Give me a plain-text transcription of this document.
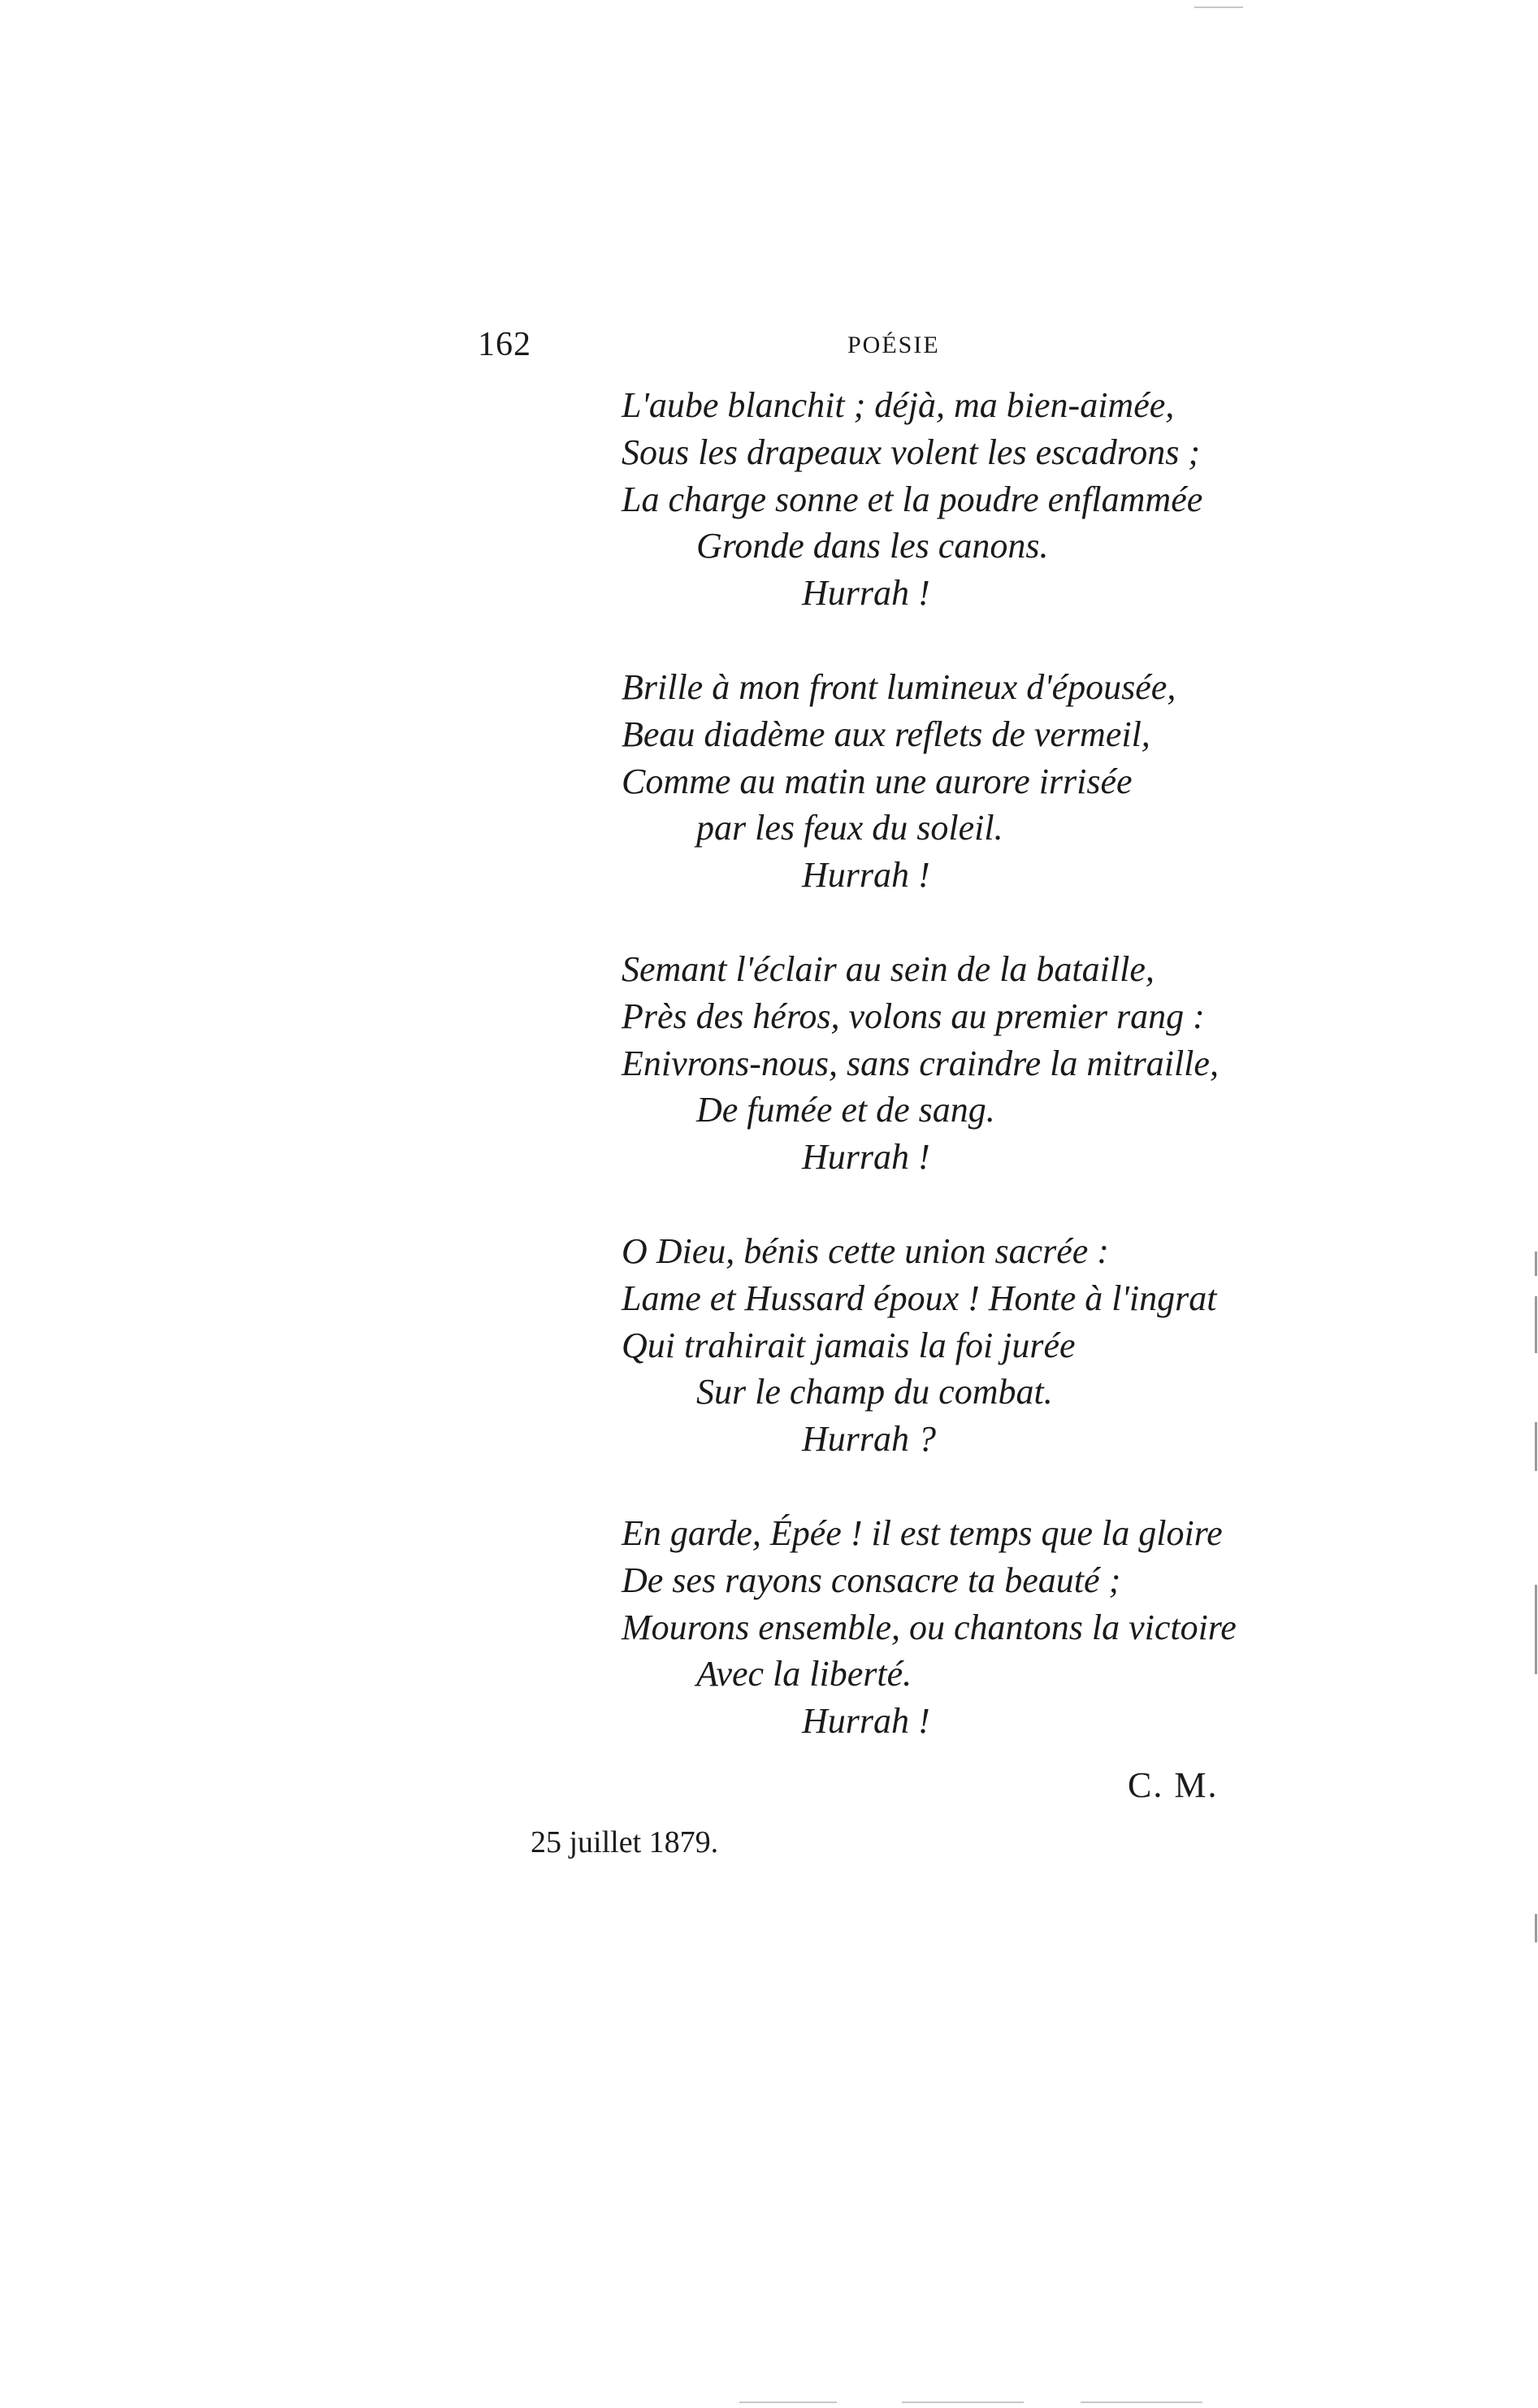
162	POÉSIE

L'aube blanchit ; déjà, ma bien-aimée,

Sous les drapeaux volent les escadrons ;

La charge sonne et la poudre enflammée

Gronde dans les canons.

Hurrah !

Brille à mon front lumineux d'épousée,

Beau diadème aux reflets de vermeil,

Comme au matin une aurore irrisée

par les feux du soleil.

Hurrah !

Semant l'éclair au sein de la bataille,

Près des héros, volons au premier rang :

Enivrons-nous, sans craindre la mitraille,

De fumée et de sang.

Hurrah !

O Dieu, bénis cette union sacrée :

Lame et Hussard époux ! Honte à l'ingrat

Qui trahirait jamais la foi jurée

Sur le champ du combat.

Hurrah ?

En garde, Épée ! il est temps que la gloire

De ses rayons consacre ta beauté ;

Mourons ensemble, ou chantons la victoire

Avec la liberté.

Hurrah !

C. M.
25 juillet 1879.
